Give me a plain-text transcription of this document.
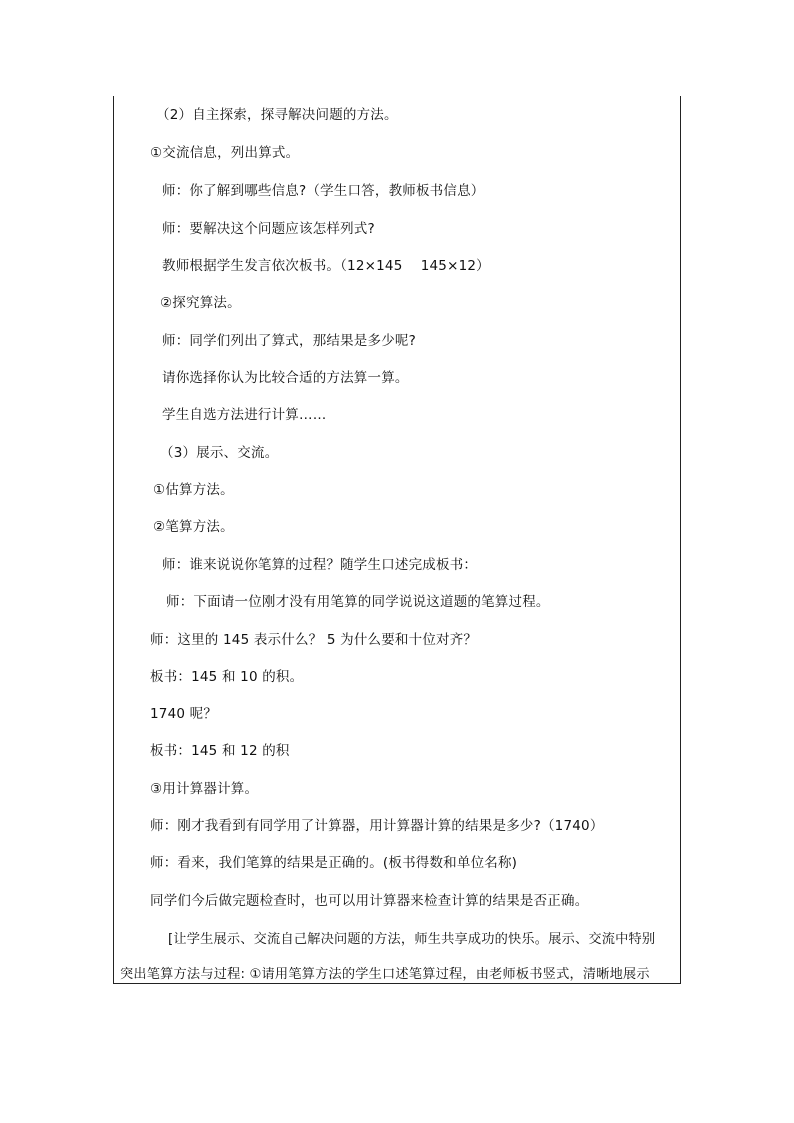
（2）自主探索，探寻解决问题的方法。
①交流信息，列出算式。
师：你了解到哪些信息?（学生口答，教师板书信息）
师：要解决这个问题应该怎样列式?
教师根据学生发言依次板书。（12×145　 145×12）
②探究算法。
师：同学们列出了算式，那结果是多少呢?
请你选择你认为比较合适的方法算一算。
学生自选方法进行计算……
（3）展示、交流。
①估算方法。
②笔算方法。
师：谁来说说你笔算的过程？随学生口述完成板书：
师：下面请一位刚才没有用笔算的同学说说这道题的笔算过程。
师：这里的 145 表示什么？ 5 为什么要和十位对齐？
板书：145 和 10 的积。
1740 呢？
板书：145 和 12 的积
③用计算器计算。
师：刚才我看到有同学用了计算器，用计算器计算的结果是多少?（1740）
师：看来，我们笔算的结果是正确的。(板书得数和单位名称)
同学们今后做完题检查时，也可以用计算器来检查计算的结果是否正确。
[让学生展示、交流自己解决问题的方法，师生共享成功的快乐。展示、交流中特别
突出笔算方法与过程: ①请用笔算方法的学生口述笔算过程，由老师板书竖式，清晰地展示
